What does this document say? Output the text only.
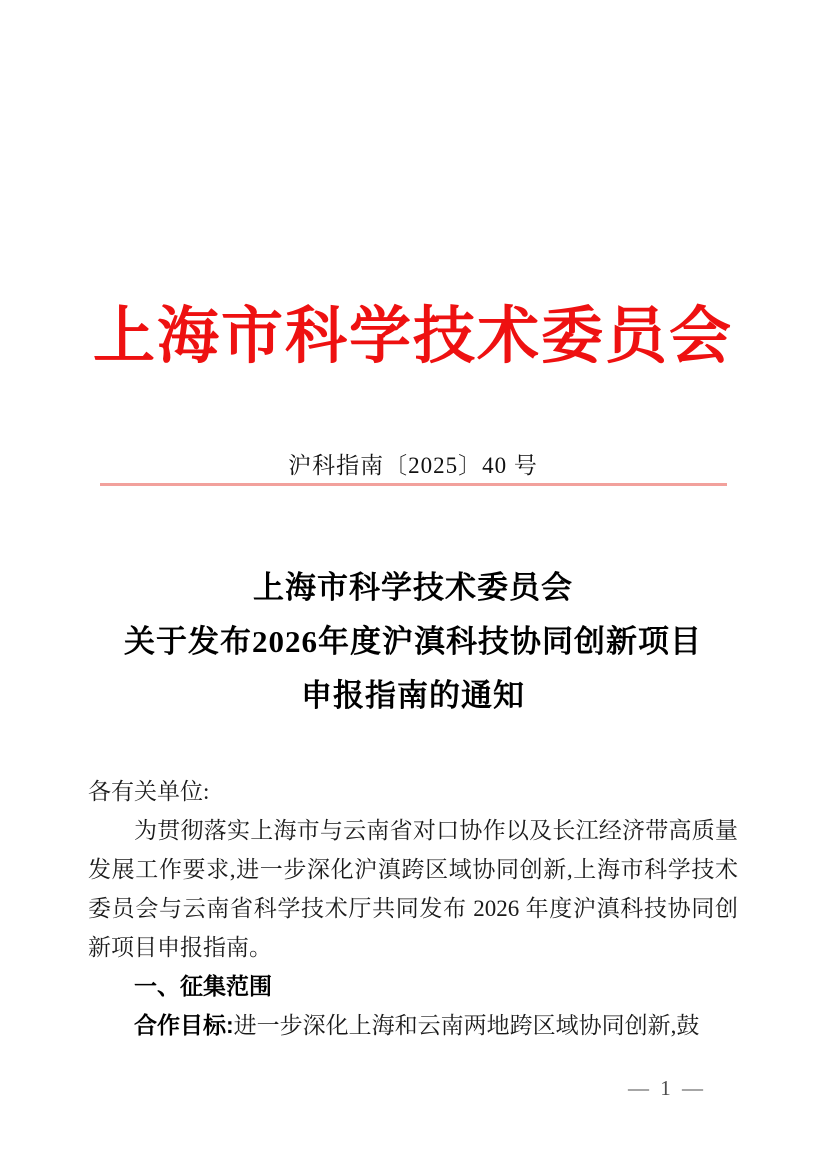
上海市科学技术委员会
沪科指南〔2025〕40 号
上海市科学技术委员会
关于发布2026年度沪滇科技协同创新项目
申报指南的通知

各有关单位:

为贯彻落实上海市与云南省对口协作以及长江经济带高质量发展工作要求,进一步深化沪滇跨区域协同创新,上海市科学技术委员会与云南省科学技术厅共同发布 2026 年度沪滇科技协同创新项目申报指南。

一、征集范围

合作目标:进一步深化上海和云南两地跨区域协同创新,鼓

— 1 —
